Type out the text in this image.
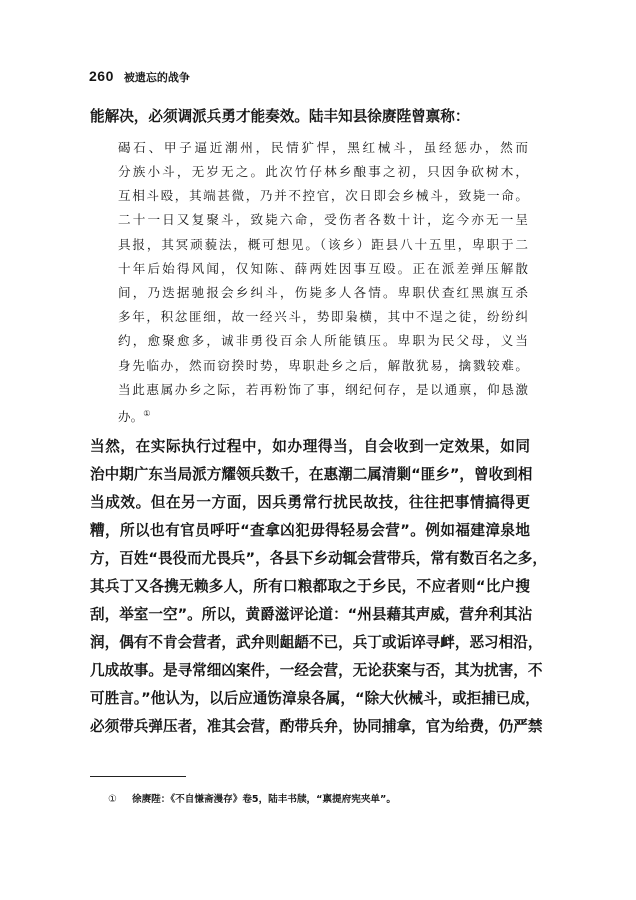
260 被遗忘的战争
能解决，必须调派兵勇才能奏效。陆丰知县徐赓陛曾禀称：
碣石、甲子逼近潮州，民情犷悍，黑红械斗，虽经惩办，然而
分族小斗，无岁无之。此次竹仔林乡酿事之初，只因争砍树木，
互相斗殴，其端甚微，乃并不控官，次日即会乡械斗，致毙一命。
二十一日又复聚斗，致毙六命，受伤者各数十计，迄今亦无一呈
具报，其冥顽藐法，概可想见。（该乡）距县八十五里，卑职于二
十年后始得风闻，仅知陈、薛两姓因事互殴。正在派差弹压解散
间，乃迭据驰报会乡纠斗，伤毙多人各情。卑职伏查红黑旗互杀
多年，积忿匪细，故一经兴斗，势即枭横，其中不逞之徒，纷纷纠
约，愈聚愈多，诚非勇役百余人所能镇压。卑职为民父母，义当
身先临办，然而窃揆时势，卑职赴乡之后，解散犹易，擒戮较难。
当此惠属办乡之际，若再粉饰了事，纲纪何存，是以通禀，仰恳激
办。①
当然，在实际执行过程中，如办理得当，自会收到一定效果，如同
治中期广东当局派方耀领兵数千，在惠潮二属清剿“匪乡”，曾收到相
当成效。但在另一方面，因兵勇常行扰民故技，往往把事情搞得更
糟，所以也有官员呼吁“查拿凶犯毋得轻易会营”。例如福建漳泉地
方，百姓“畏役而尤畏兵”，各县下乡动辄会营带兵，常有数百名之多，
其兵丁又各携无赖多人，所有口粮都取之于乡民，不应者则“比户搜
刮，举室一空”。所以，黄爵滋评论道：“州县藉其声威，营弁利其沾
润，偶有不肯会营者，武弁则龃龉不已，兵丁或诟谇寻衅，恶习相沿，
几成故事。是寻常细凶案件，一经会营，无论获案与否，其为扰害，不
可胜言。”他认为，以后应通饬漳泉各属，“除大伙械斗，或拒捕已成，
必须带兵弹压者，准其会营，酌带兵弁，协同捕拿，官为给费，仍严禁
① 徐赓陛：《不自慊斋漫存》卷5，陆丰书牍，“禀提府宪夹单”。
